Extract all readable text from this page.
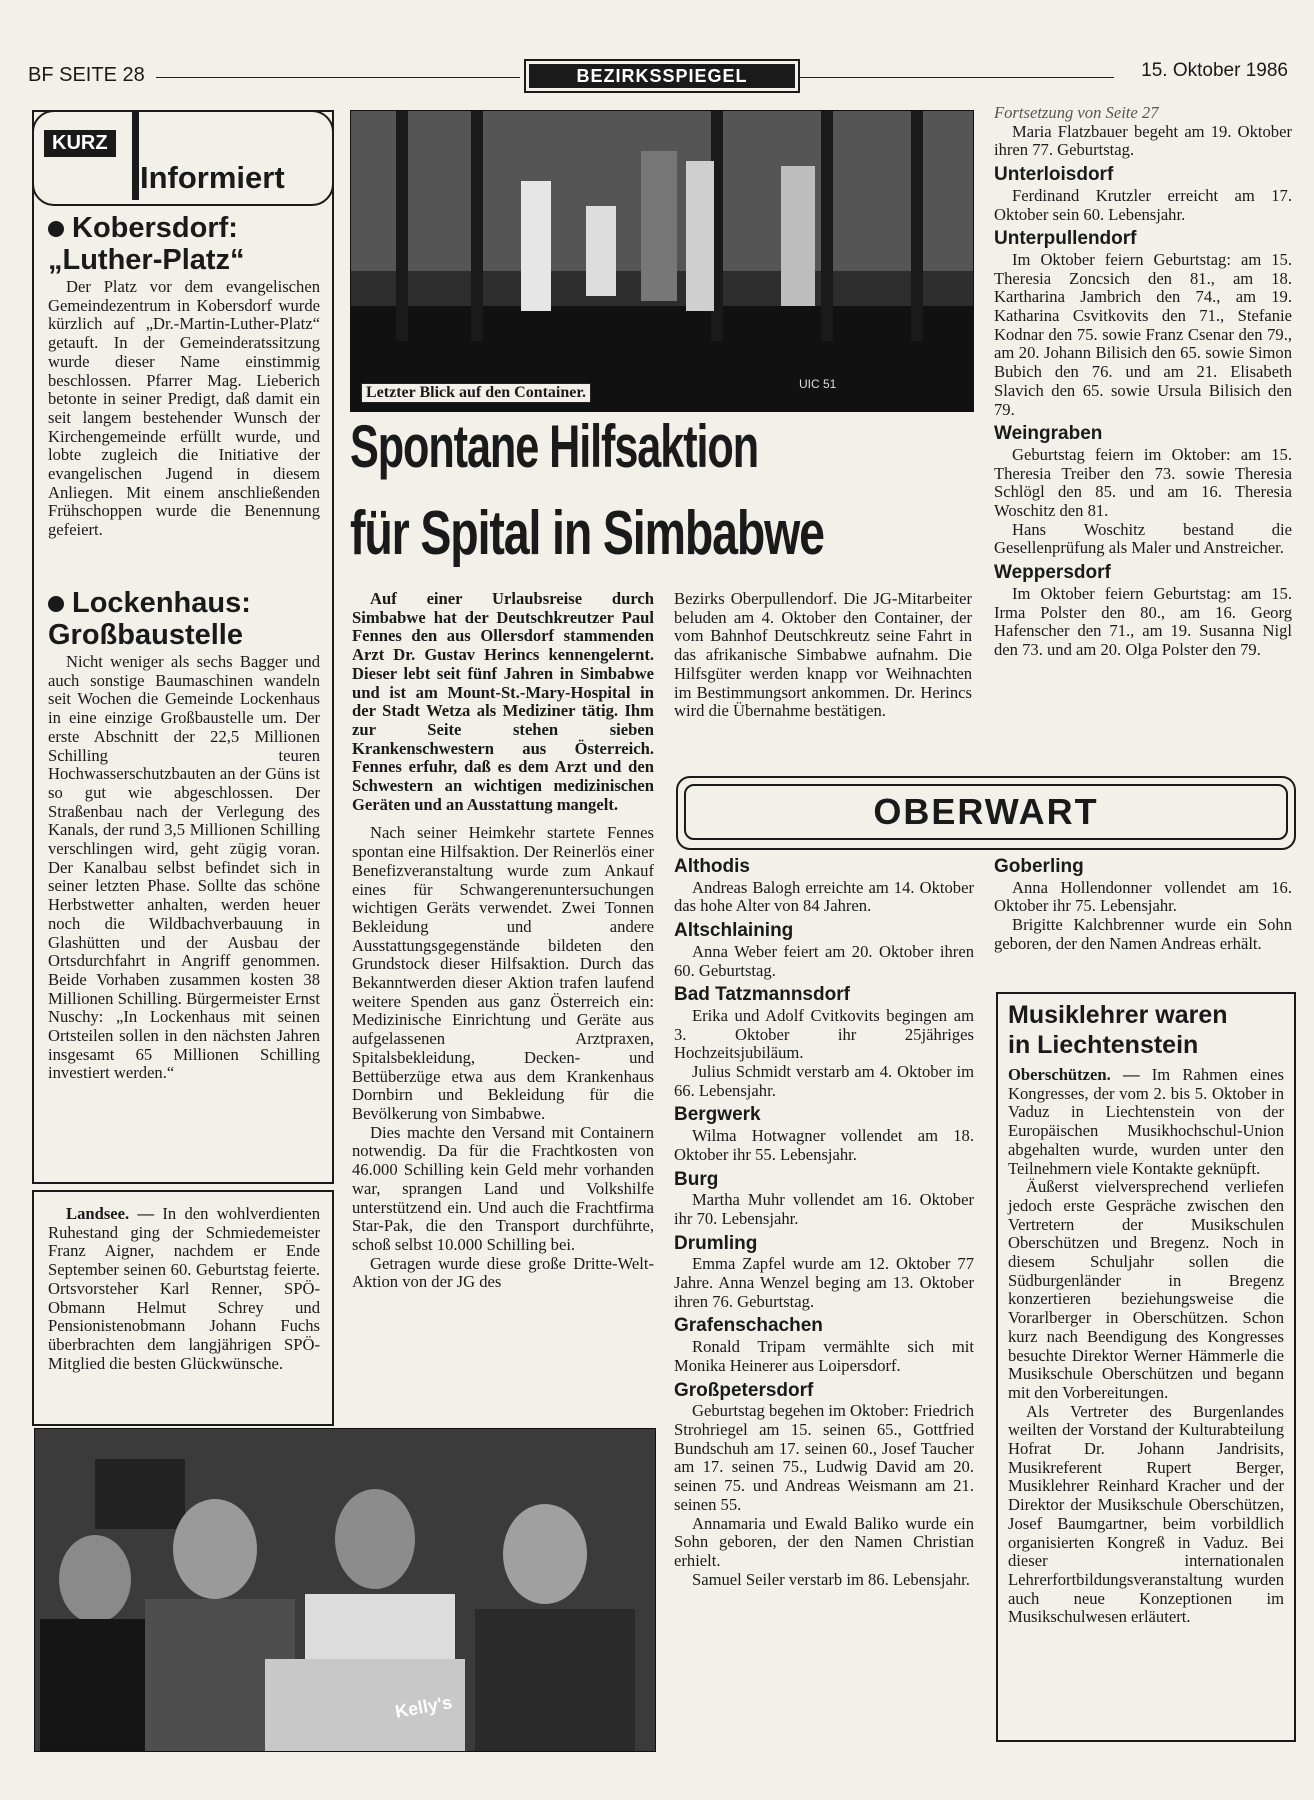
BF SEITE 28	BEZIRKSSPIEGEL	15. Oktober 1986
KURZ
Informiert
Kobersdorf:
„Luther-Platz“

Der Platz vor dem evangelischen Gemeindezentrum in Kobersdorf wurde kürzlich auf „Dr.-Martin-Luther-Platz“ getauft. In der Gemeinderatssitzung wurde dieser Name einstimmig beschlossen. Pfarrer Mag. Lieberich betonte in seiner Predigt, daß damit ein seit langem bestehender Wunsch der Kirchengemeinde erfüllt wurde, und lobte zugleich die Initiative der evangelischen Jugend in diesem Anliegen. Mit einem anschließenden Frühschoppen wurde die Benennung gefeiert.

Lockenhaus:
Großbaustelle

Nicht weniger als sechs Bagger und auch sonstige Baumaschinen wandeln seit Wochen die Gemeinde Lockenhaus in eine einzige Großbaustelle um. Der erste Abschnitt der 22,5 Millionen Schilling teuren Hochwasserschutzbauten an der Güns ist so gut wie abgeschlossen. Der Straßenbau nach der Verlegung des Kanals, der rund 3,5 Millionen Schilling verschlingen wird, geht zügig voran. Der Kanalbau selbst befindet sich in seiner letzten Phase. Sollte das schöne Herbstwetter anhalten, werden heuer noch die Wildbachverbauung in Glashütten und der Ausbau der Ortsdurchfahrt in Angriff genommen. Beide Vorhaben zusammen kosten 38 Millionen Schilling. Bürgermeister Ernst Nuschy: „In Lockenhaus mit seinen Ortsteilen sollen in den nächsten Jahren insgesamt 65 Millionen Schilling investiert werden.“

Landsee. — In den wohlverdienten Ruhestand ging der Schmiedemeister Franz Aigner, nachdem er Ende September seinen 60. Geburtstag feierte. Ortsvorsteher Karl Renner, SPÖ-Obmann Helmut Schrey und Pensionistenobmann Johann Fuchs überbrachten dem langjährigen SPÖ-Mitglied die besten Glückwünsche.

Kelly's
UIC 51
Letzter Blick auf den Container.
Spontane Hilfsaktion
für Spital in Simbabwe

Auf einer Urlaubsreise durch Simbabwe hat der Deutschkreutzer Paul Fennes den aus Ollersdorf stammenden Arzt Dr. Gustav Herincs kennengelernt. Dieser lebt seit fünf Jahren in Simbabwe und ist am Mount-St.-Mary-Hospital in der Stadt Wetza als Mediziner tätig. Ihm zur Seite stehen sieben Krankenschwestern aus Österreich. Fennes erfuhr, daß es dem Arzt und den Schwestern an wichtigen medizinischen Geräten und an Ausstattung mangelt.

Nach seiner Heimkehr startete Fennes spontan eine Hilfsaktion. Der Reinerlös einer Benefizveranstaltung wurde zum Ankauf eines für Schwangerenuntersuchungen wichtigen Geräts verwendet. Zwei Tonnen Bekleidung und andere Ausstattungsgegenstände bildeten den Grundstock dieser Hilfsaktion. Durch das Bekanntwerden dieser Aktion trafen laufend weitere Spenden aus ganz Österreich ein: Medizinische Einrichtung und Geräte aus aufgelassenen Arztpraxen, Spitalsbekleidung, Decken- und Bettüberzüge etwa aus dem Krankenhaus Dornbirn und Bekleidung für die Bevölkerung von Simbabwe.

Dies machte den Versand mit Containern notwendig. Da für die Frachtkosten von 46.000 Schilling kein Geld mehr vorhanden war, sprangen Land und Volkshilfe unterstützend ein. Und auch die Frachtfirma Star-Pak, die den Transport durchführte, schoß selbst 10.000 Schilling bei.

Getragen wurde diese große Dritte-Welt-Aktion von der JG des

Bezirks Oberpullendorf. Die JG-Mitarbeiter beluden am 4. Oktober den Container, der vom Bahnhof Deutschkreutz seine Fahrt in das afrikanische Simbabwe aufnahm. Die Hilfsgüter werden knapp vor Weihnachten im Bestimmungsort ankommen. Dr. Herincs wird die Übernahme bestätigen.

OBERWART
Althodis

Andreas Balogh erreichte am 14. Oktober das hohe Alter von 84 Jahren.

Altschlaining

Anna Weber feiert am 20. Oktober ihren 60. Geburtstag.

Bad Tatzmannsdorf

Erika und Adolf Cvitkovits begingen am 3. Oktober ihr 25jähriges Hochzeitsjubiläum.

Julius Schmidt verstarb am 4. Oktober im 66. Lebensjahr.

Bergwerk

Wilma Hotwagner vollendet am 18. Oktober ihr 55. Lebensjahr.

Burg

Martha Muhr vollendet am 16. Oktober ihr 70. Lebensjahr.

Drumling

Emma Zapfel wurde am 12. Oktober 77 Jahre. Anna Wenzel beging am 13. Oktober ihren 76. Geburtstag.

Grafenschachen

Ronald Tripam vermählte sich mit Monika Heinerer aus Loipersdorf.

Großpetersdorf

Geburtstag begehen im Oktober: Friedrich Strohriegel am 15. seinen 65., Gottfried Bundschuh am 17. seinen 60., Josef Taucher am 17. seinen 75., Ludwig David am 20. seinen 75. und Andreas Weismann am 21. seinen 55.

Annamaria und Ewald Baliko wurde ein Sohn geboren, der den Namen Christian erhielt.

Samuel Seiler verstarb im 86. Lebensjahr.

Fortsetzung von Seite 27

Maria Flatzbauer begeht am 19. Oktober ihren 77. Geburtstag.

Unterloisdorf

Ferdinand Krutzler erreicht am 17. Oktober sein 60. Lebensjahr.

Unterpullendorf

Im Oktober feiern Geburtstag: am 15. Theresia Zoncsich den 81., am 18. Kartharina Jambrich den 74., am 19. Katharina Csvitkovits den 71., Stefanie Kodnar den 75. sowie Franz Csenar den 79., am 20. Johann Bilisich den 65. sowie Simon Bubich den 76. und am 21. Elisabeth Slavich den 65. sowie Ursula Bilisich den 79.

Weingraben

Geburtstag feiern im Oktober: am 15. Theresia Treiber den 73. sowie Theresia Schlögl den 85. und am 16. Theresia Woschitz den 81.

Hans Woschitz bestand die Gesellenprüfung als Maler und Anstreicher.

Weppersdorf

Im Oktober feiern Geburtstag: am 15. Irma Polster den 80., am 16. Georg Hafenscher den 71., am 19. Susanna Nigl den 73. und am 20. Olga Polster den 79.

Goberling

Anna Hollendonner vollendet am 16. Oktober ihr 75. Lebensjahr.

Brigitte Kalchbrenner wurde ein Sohn geboren, der den Namen Andreas erhält.

Musiklehrer waren
in Liechtenstein

Oberschützen. — Im Rahmen eines Kongresses, der vom 2. bis 5. Oktober in Vaduz in Liechtenstein von der Europäischen Musikhochschul-Union abgehalten wurde, wurden unter den Teilnehmern viele Kontakte geknüpft.

Äußerst vielversprechend verliefen jedoch erste Gespräche zwischen den Vertretern der Musikschulen Oberschützen und Bregenz. Noch in diesem Schuljahr sollen die Südburgenländer in Bregenz konzertieren beziehungsweise die Vorarlberger in Oberschützen. Schon kurz nach Beendigung des Kongresses besuchte Direktor Werner Hämmerle die Musikschule Oberschützen und begann mit den Vorbereitungen.

Als Vertreter des Burgenlandes weilten der Vorstand der Kulturabteilung Hofrat Dr. Johann Jandrisits, Musikreferent Rupert Berger, Musiklehrer Reinhard Kracher und der Direktor der Musikschule Oberschützen, Josef Baumgartner, beim vorbildlich organisierten Kongreß in Vaduz. Bei dieser internationalen Lehrerfortbildungsveranstaltung wurden auch neue Konzeptionen im Musikschulwesen erläutert.
